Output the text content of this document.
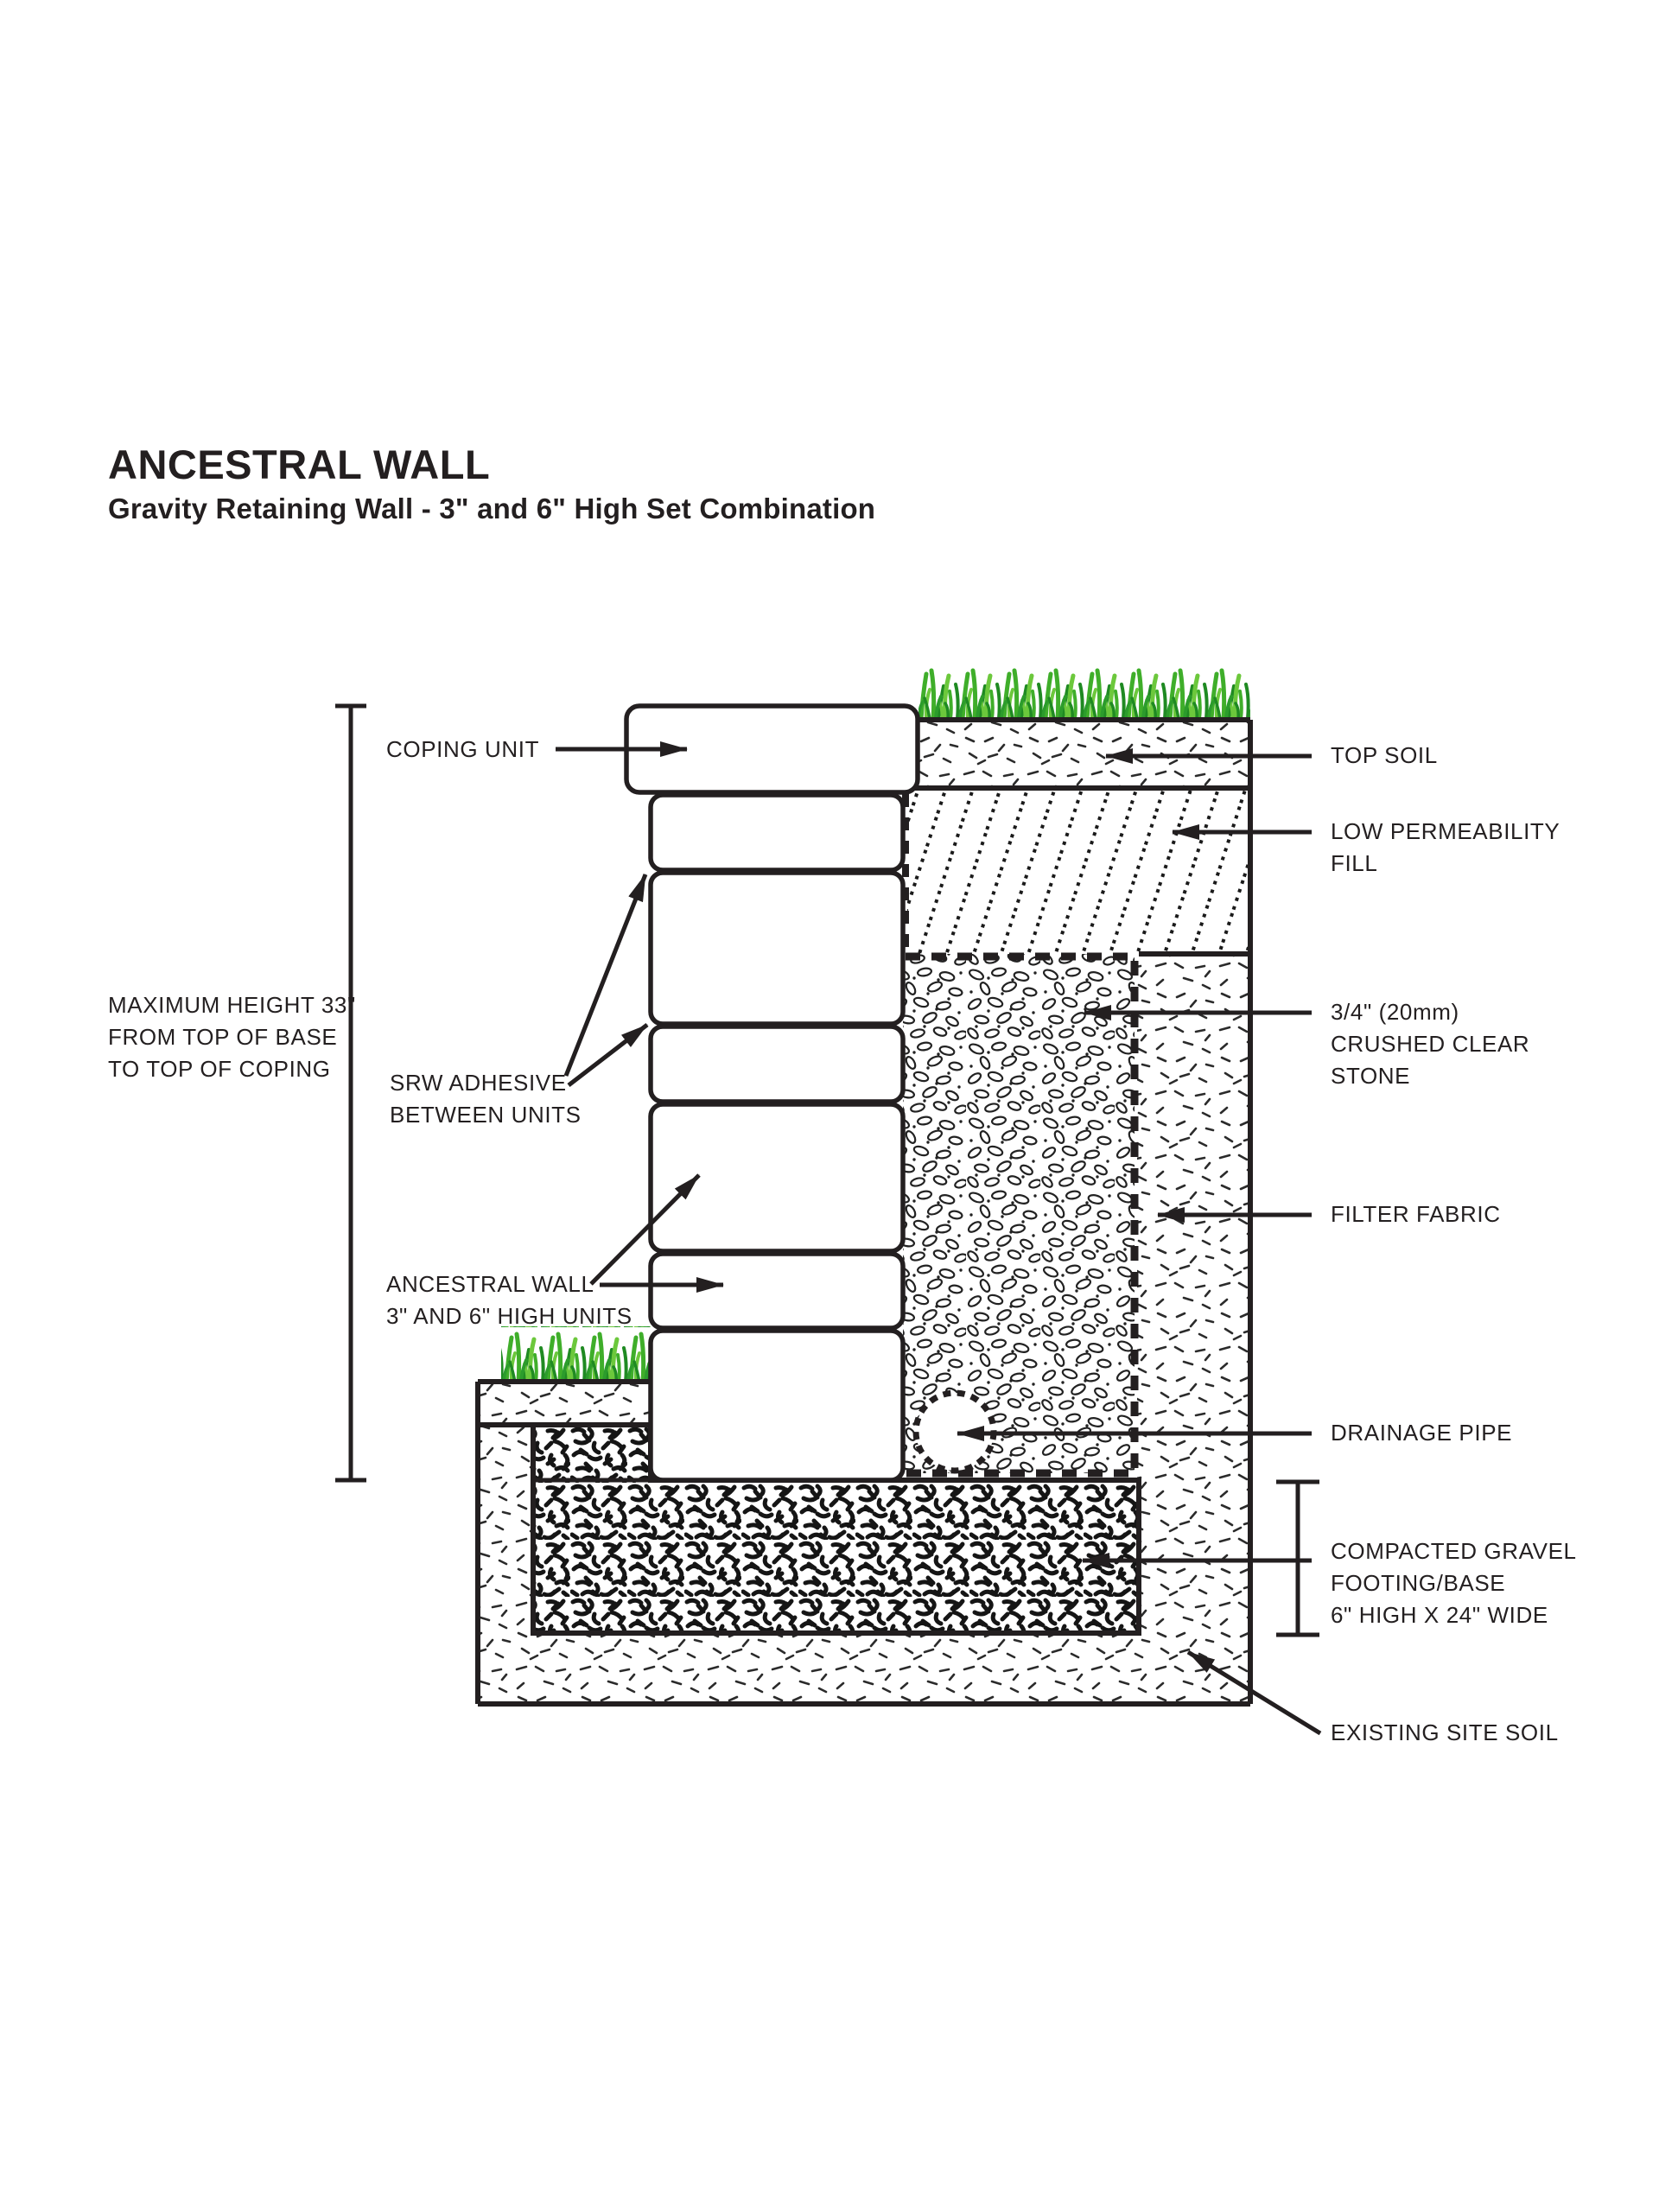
ANCESTRAL WALL
Gravity Retaining Wall - 3" and 6" High Set Combination
COPING UNIT
MAXIMUM HEIGHT 33"
FROM TOP OF BASE
TO TOP OF COPING
SRW ADHESIVE
BETWEEN UNITS
ANCESTRAL WALL
3" AND 6" HIGH UNITS
TOP SOIL
LOW PERMEABILITY
FILL
3/4" (20mm)
CRUSHED CLEAR
STONE
FILTER FABRIC
DRAINAGE PIPE
COMPACTED GRAVEL
FOOTING/BASE
6" HIGH X 24" WIDE
EXISTING SITE SOIL
